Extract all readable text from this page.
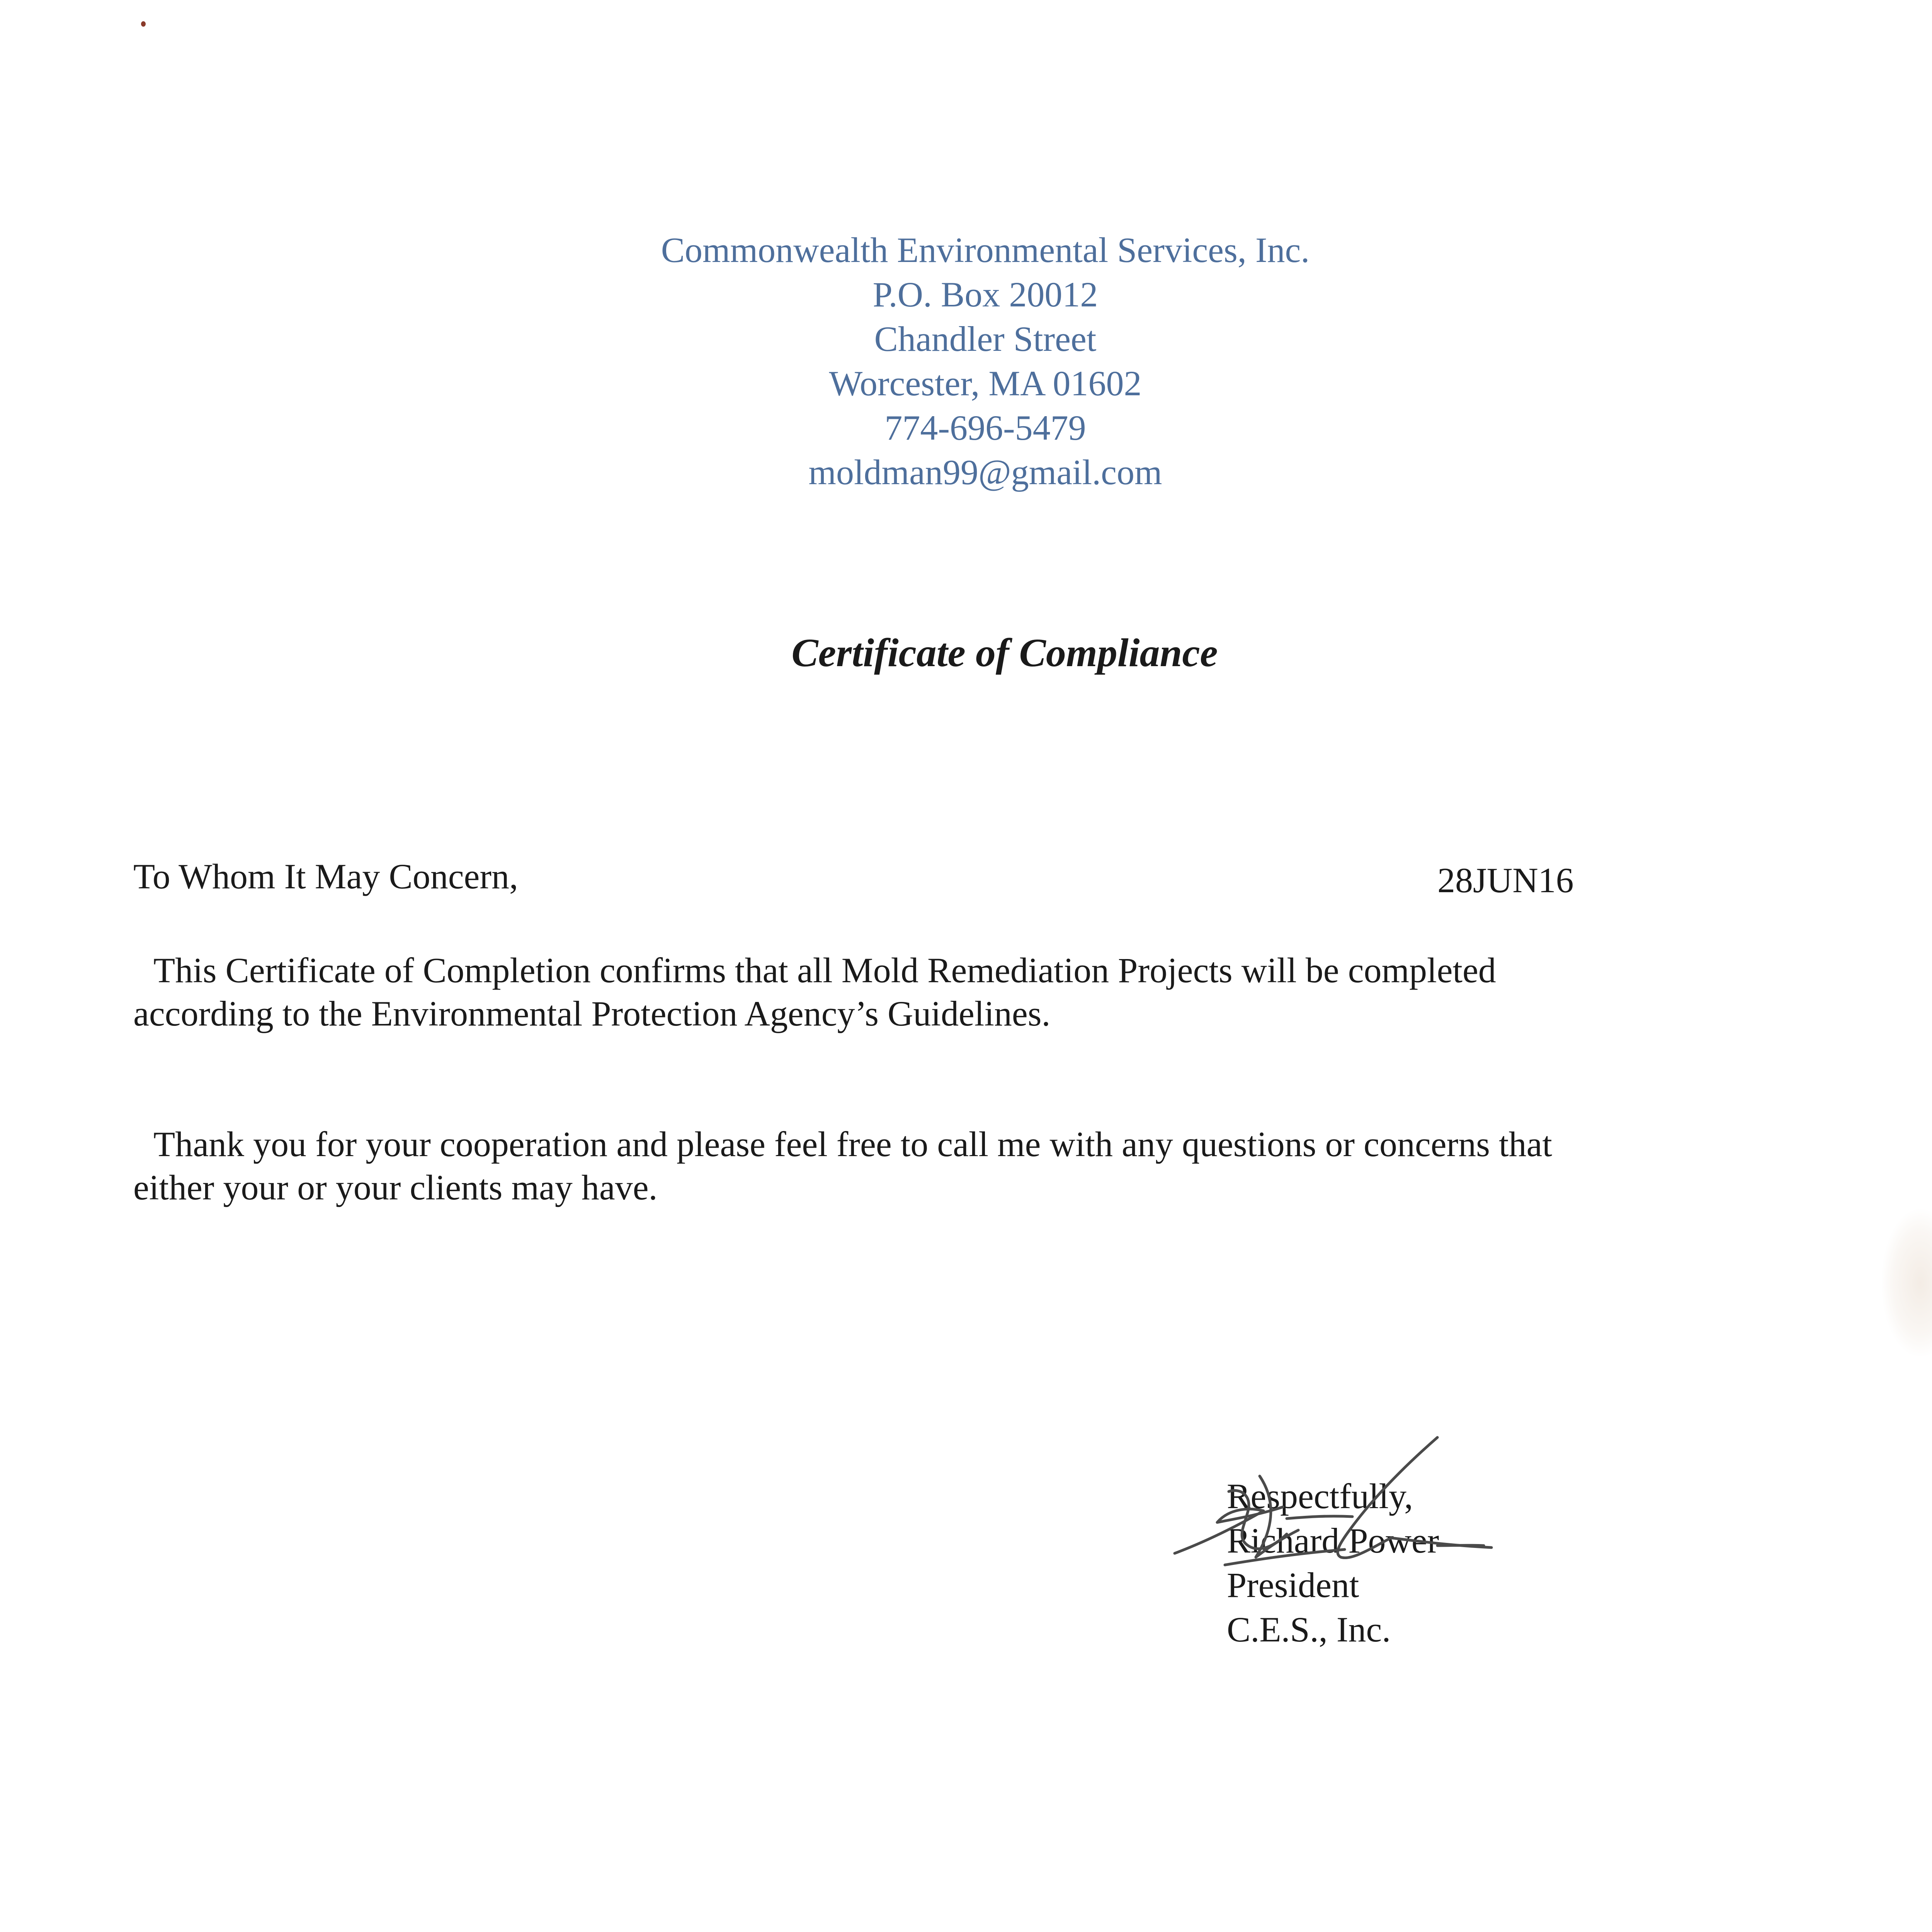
Commonwealth Environmental Services, Inc.
P.O. Box 20012
Chandler Street
Worcester, MA 01602
774-696-5479
moldman99@gmail.com
Certificate of Compliance
To Whom It May Concern,	28JUN16
This Certificate of Completion confirms that all Mold Remediation Projects will be completed
according to the Environmental Protection Agency’s Guidelines.
Thank you for your cooperation and please feel free to call me with any questions or concerns that
either your or your clients may have.
Respectfully,
Richard Power
President
C.E.S., Inc.
